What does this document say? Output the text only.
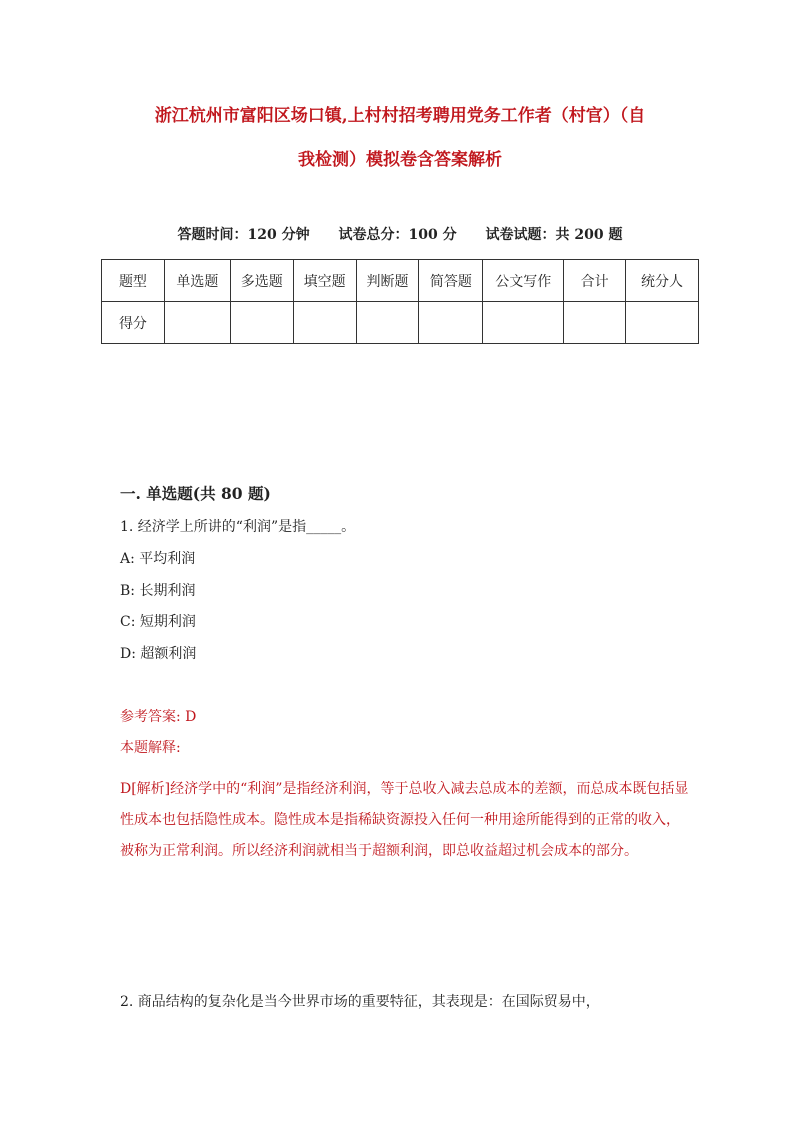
浙江杭州市富阳区场口镇,上村村招考聘用党务工作者（村官）（自
我检测）模拟卷含答案解析
答题时间：120 分钟 试卷总分：100 分 试卷试题：共 200 题
题型	单选题	多选题	填空题	判断题	简答题	公文写作	合计	统分人
得分								
一. 单选题(共 80 题)
1. 经济学上所讲的“利润”是指_____。
A: 平均利润
B: 长期利润
C: 短期利润
D: 超额利润
参考答案: D
本题解释:
D[解析]经济学中的“利润”是指经济利润，等于总收入减去总成本的差额，而总成本既包括显性成本也包括隐性成本。隐性成本是指稀缺资源投入任何一种用途所能得到的正常的收入，被称为正常利润。所以经济利润就相当于超额利润，即总收益超过机会成本的部分。
2. 商品结构的复杂化是当今世界市场的重要特征，其表现是：在国际贸易中，
